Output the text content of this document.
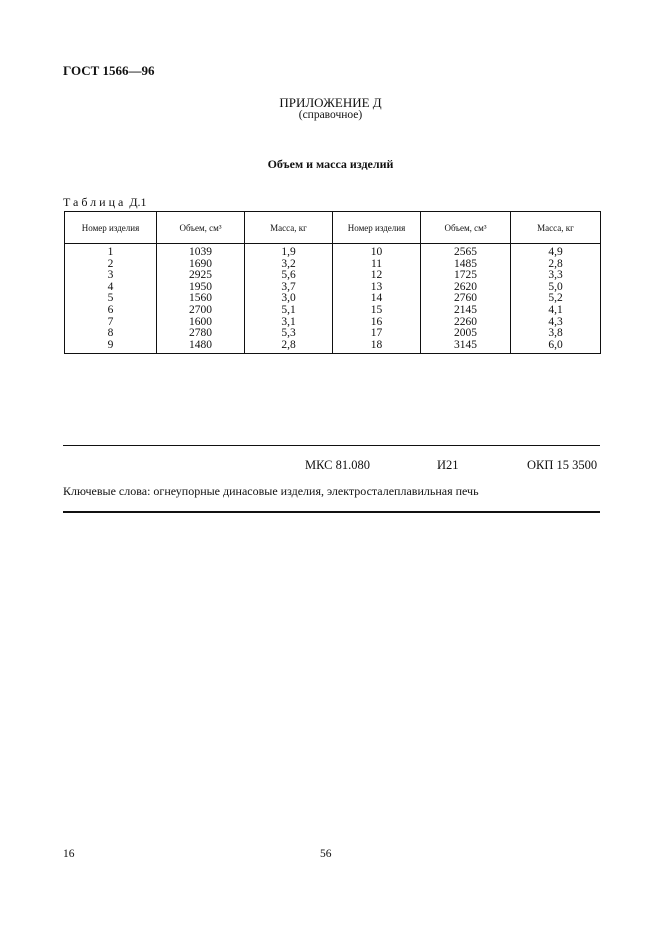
ГОСТ 1566—96
ПРИЛОЖЕНИЕ Д
(справочное)
Объем и масса изделий
Таблица Д.1
Номер изделия	Объем, см³	Масса, кг	Номер изделия	Объем, см³	Масса, кг
1	1039	1,9	10	2565	4,9
2	1690	3,2	11	1485	2,8
3	2925	5,6	12	1725	3,3
4	1950	3,7	13	2620	5,0
5	1560	3,0	14	2760	5,2
6	2700	5,1	15	2145	4,1
7	1600	3,1	16	2260	4,3
8	2780	5,3	17	2005	3,8
9	1480	2,8	18	3145	6,0
МКС 81.080	И21	ОКП 15 3500
Ключевые слова: огнеупорные динасовые изделия, электросталеплавильная печь
16	56
